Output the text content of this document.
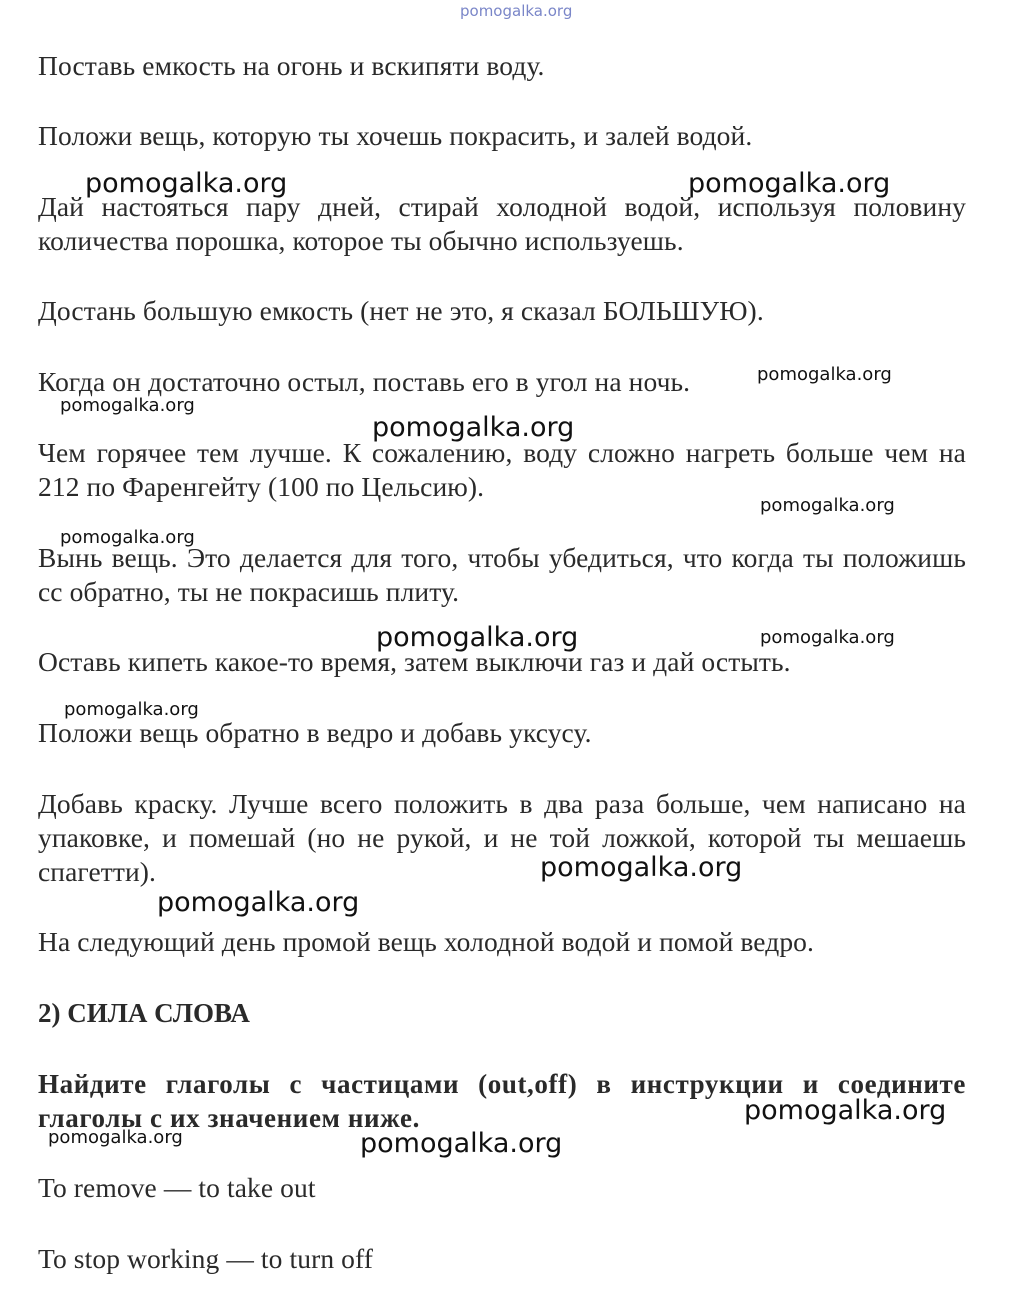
pomogalka.org

Поставь емкость на огонь и вскипяти воду.

Положи вещь, которую ты хочешь покрасить, и залей водой.

Дай настояться пару дней, стирай холодной водой, используя половину количества порошка, которое ты обычно используешь.

Достань большую емкость (нет не это, я сказал БОЛЬШУЮ).

Когда он достаточно остыл, поставь его в угол на ночь.

Чем горячее тем лучше. К сожалению, воду сложно нагреть больше чем на 212 по Фаренгейту (100 по Цельсию).

Вынь вещь. Это делается для того, чтобы убедиться, что когда ты положишь сс обратно, ты не покрасишь плиту.

Оставь кипеть какое-то время, затем выключи газ и дай остыть.

Положи вещь обратно в ведро и добавь уксусу.

Добавь краску. Лучше всего положить в два раза больше, чем написано на упаковке, и помешай (но не рукой, и не той ложкой, которой ты мешаешь спагетти).

На следующий день промой вещь холодной водой и помой ведро.

2) СИЛА СЛОВА

Найдите глаголы с частицами (out,off) в инструкции и соедините глаголы с их значением ниже.

To remove — to take out

To stop working — to turn off

pomogalka.org	pomogalka.org
pomogalka.org
pomogalka.org
pomogalka.org
pomogalka.org
pomogalka.org
pomogalka.org	pomogalka.org
pomogalka.org
pomogalka.org
pomogalka.org
pomogalka.org
pomogalka.org	pomogalka.org
